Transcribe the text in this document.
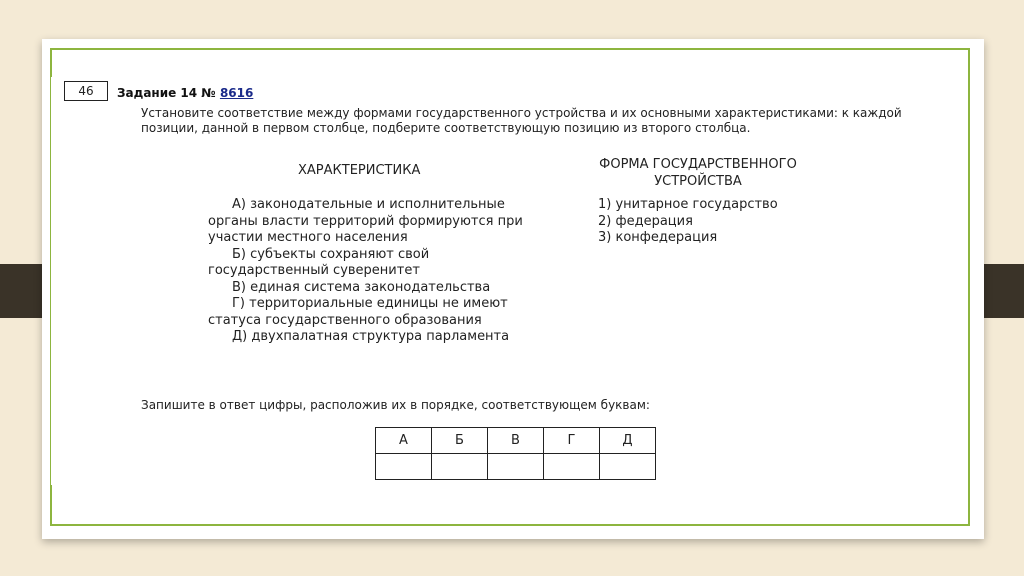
46	Задание 14 № 8616

Установите соответствие между формами государственного устройства и их основными характеристиками: к каждой позиции, данной в первом столбце, подберите соответствующую позицию из второго столбца.

ХАРАКТЕРИСТИКА	ФОРМА ГОСУДАРСТВЕННОГО УСТРОЙСТВА

А) законодательные и исполнительные органы власти территорий формируются при участии местного населения
Б) субъекты сохраняют свой государственный суверенитет
В) единая система законодательства
Г) территориальные единицы не имеют статуса государственного образования
Д) двухпалатная структура парламента
1) унитарное государство
2) федерация
3) конфедерация
Запишите в ответ цифры, расположив их в порядке, соответствующем буквам:
А	Б	В	Г	Д
